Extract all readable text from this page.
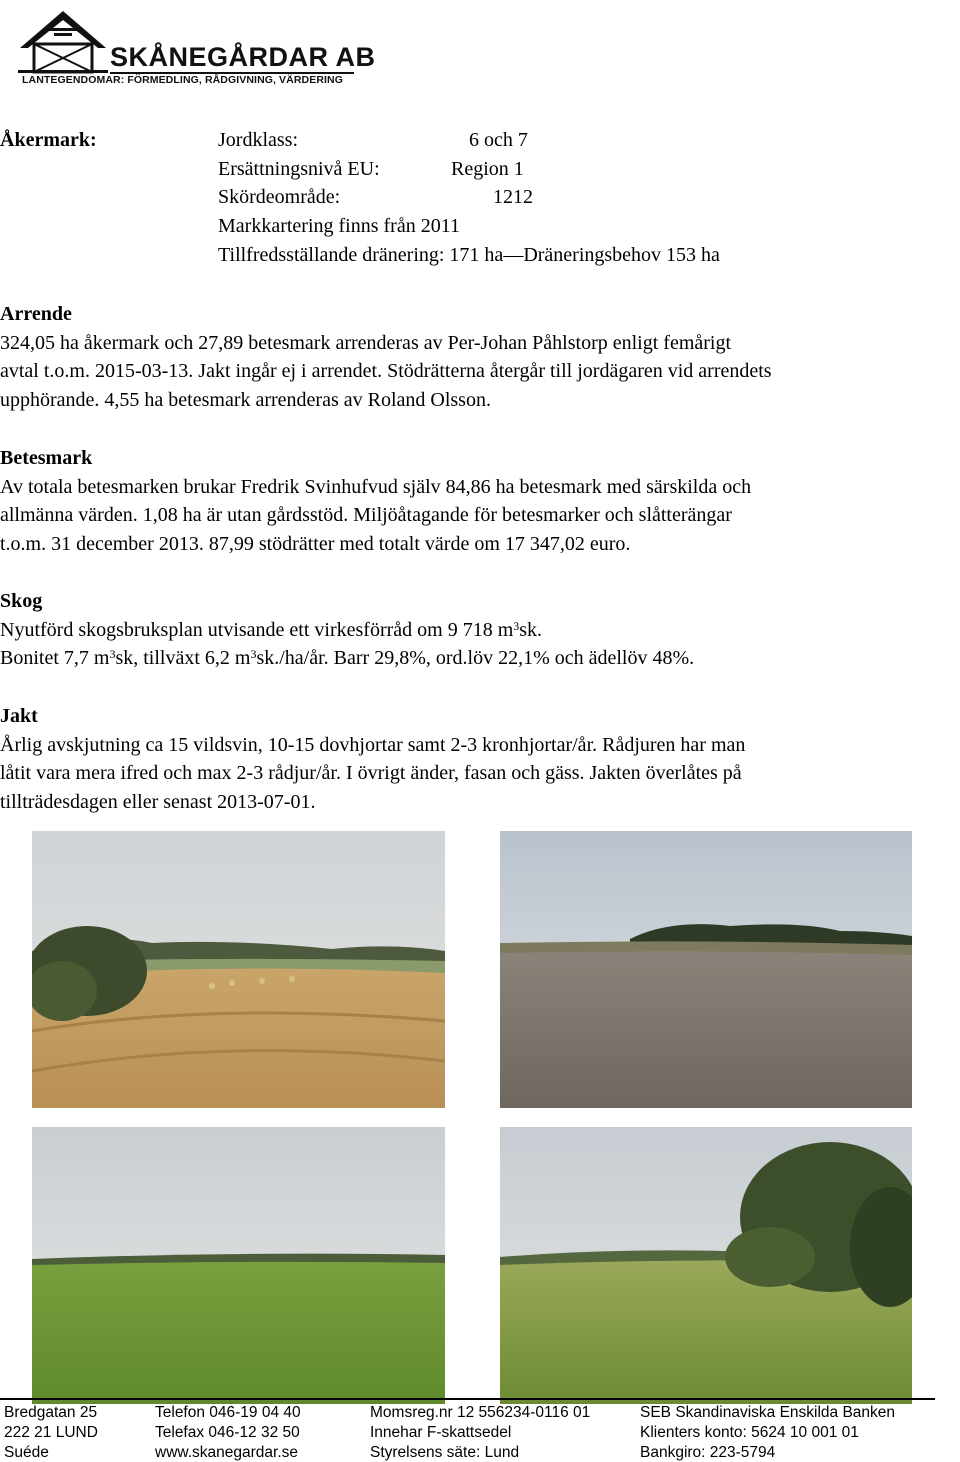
SKÅNEGÅRDAR AB
LANTEGENDOMAR: FÖRMEDLING, RÅDGIVNING, VÄRDERING
Åkermark:	Jordklass:	6 och 7
Ersättningsnivå EU:	Region 1
Skördeområde:	1212
Markkartering finns från 2011
Tillfredsställande dränering: 171 ha—Dräneringsbehov 153 ha

Arrende

324,05 ha åkermark och 27,89 betesmark arrenderas av Per-Johan Påhlstorp enligt femårigt

avtal t.o.m. 2015-03-13. Jakt ingår ej i arrendet. Stödrätterna återgår till jordägaren vid arrendets

upphörande. 4,55 ha betesmark arrenderas av Roland Olsson.

Betesmark

Av totala betesmarken brukar Fredrik Svinhufvud själv 84,86 ha betesmark med särskilda och

allmänna värden. 1,08 ha är utan gårdsstöd. Miljöåtagande för betesmarker och slåtterängar

t.o.m. 31 december 2013. 87,99 stödrätter med totalt värde om 17 347,02 euro.

Skog

Nyutförd skogsbruksplan utvisande ett virkesförråd om 9 718 $m^3sk$.

Bonitet 7,7 $m^3sk$, tillväxt 6,2 $m^3sk./ha/år$. Barr 29,8%, ord.löv 22,1% och ädellöv 48%.

Jakt

Årlig avskjutning ca 15 vildsvin, 10-15 dovhjortar samt 2-3 kronhjortar/år. Rådjuren har man

låtit vara mera ifred och max 2-3 rådjur/år. I övrigt änder, fasan och gäss. Jakten överlåtes på

tillträdesdagen eller senast 2013-07-01.

Bredgatan 25
222 21 LUND
Suéde
Telefon 046-19 04 40
Telefax 046-12 32 50
www.skanegardar.se
Momsreg.nr 12 556234-0116 01
Innehar F-skattsedel
Styrelsens säte: Lund
SEB Skandinaviska Enskilda Banken
Klienters konto: 5624 10 001 01
Bankgiro: 223-5794
